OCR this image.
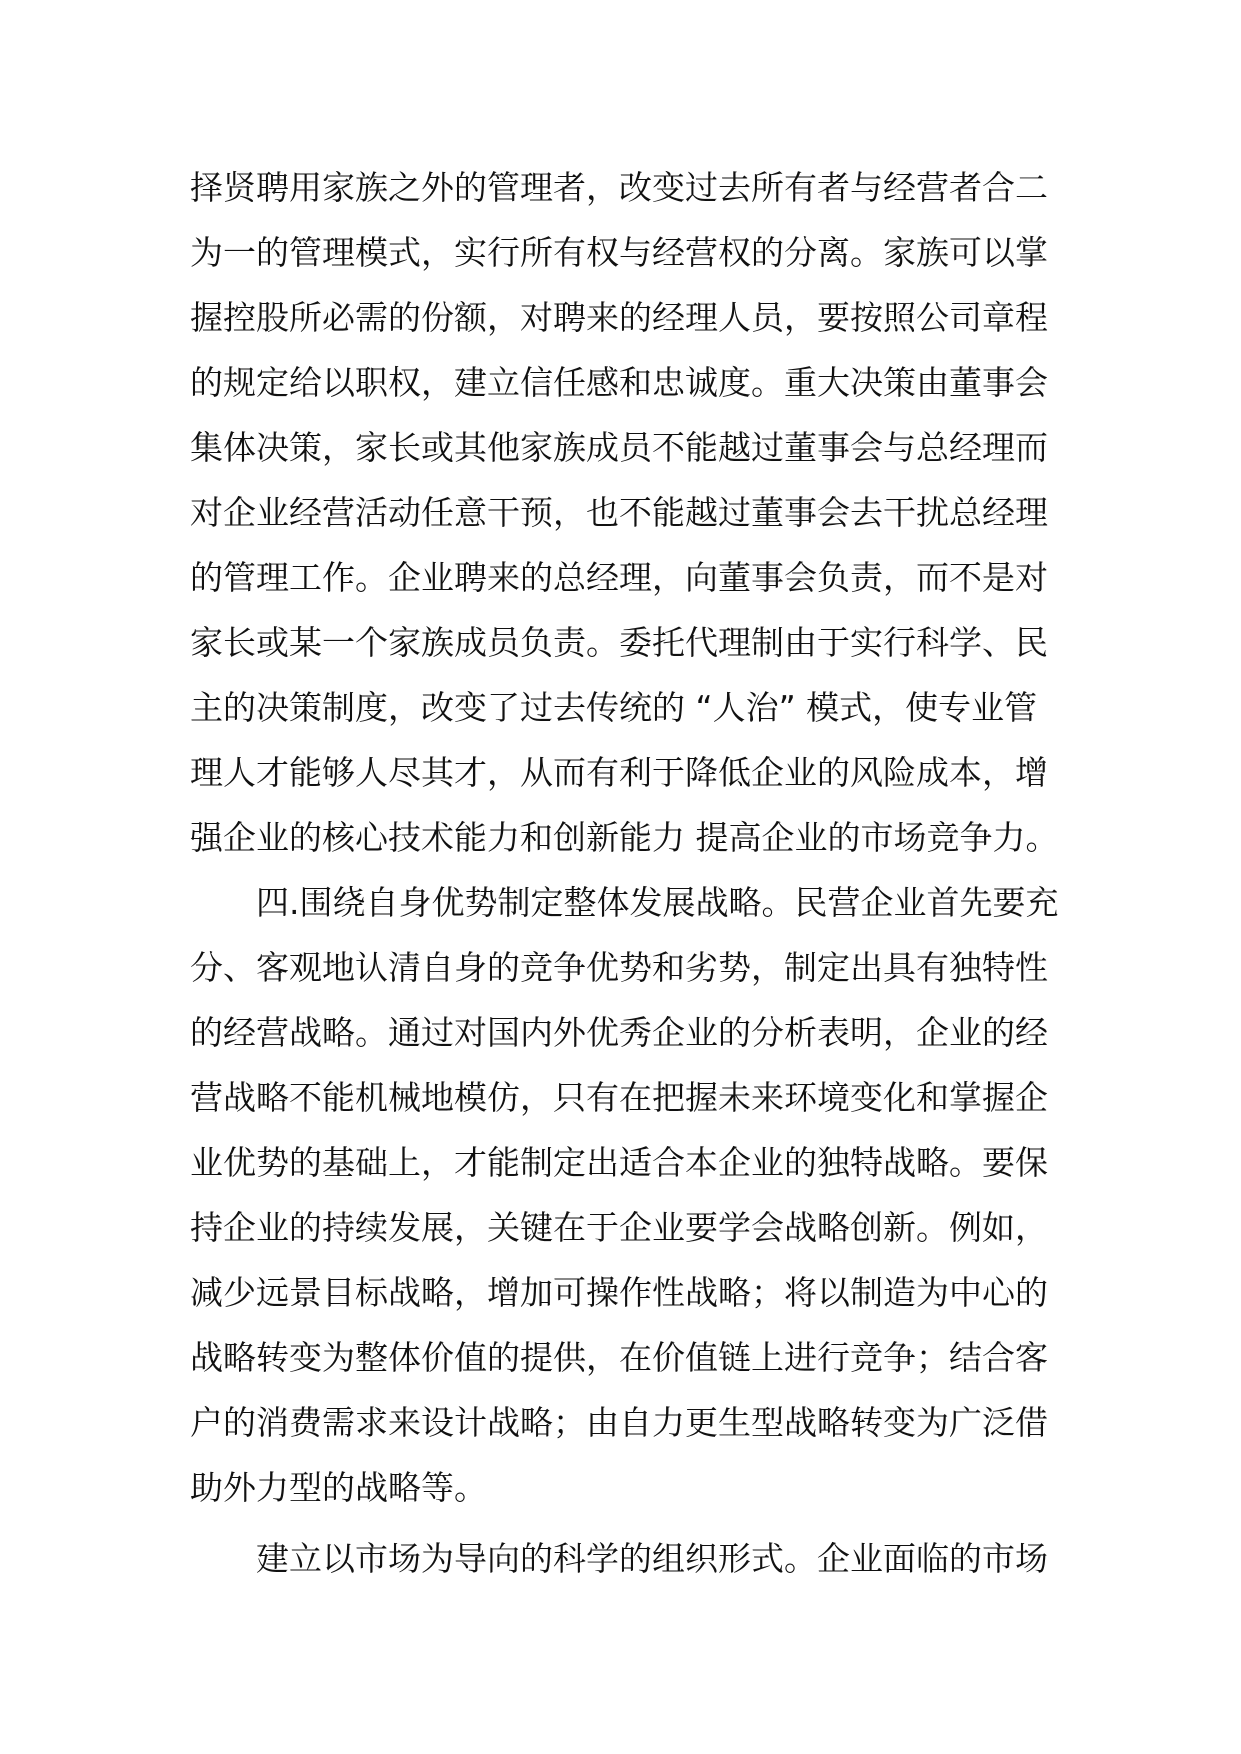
择贤聘用家族之外的管理者，改变过去所有者与经营者合二
为一的管理模式，实行所有权与经营权的分离。家族可以掌
握控股所必需的份额，对聘来的经理人员，要按照公司章程
的规定给以职权，建立信任感和忠诚度。重大决策由董事会
集体决策，家长或其他家族成员不能越过董事会与总经理而
对企业经营活动任意干预，也不能越过董事会去干扰总经理
的管理工作。企业聘来的总经理，向董事会负责，而不是对
家长或某一个家族成员负责。委托代理制由于实行科学、民
主的决策制度，改变了过去传统的 “人治” 模式，使专业管
理人才能够人尽其才，从而有利于降低企业的风险成本，增
强企业的核心技术能力和创新能力 提高企业的市场竞争力。
四.围绕自身优势制定整体发展战略。民营企业首先要充
分、客观地认清自身的竞争优势和劣势，制定出具有独特性
的经营战略。通过对国内外优秀企业的分析表明，企业的经
营战略不能机械地模仿，只有在把握未来环境变化和掌握企
业优势的基础上，才能制定出适合本企业的独特战略。要保
持企业的持续发展，关键在于企业要学会战略创新。例如，
减少远景目标战略，增加可操作性战略；将以制造为中心的
战略转变为整体价值的提供，在价值链上进行竞争；结合客
户的消费需求来设计战略；由自力更生型战略转变为广泛借
助外力型的战略等。
建立以市场为导向的科学的组织形式。企业面临的市场
